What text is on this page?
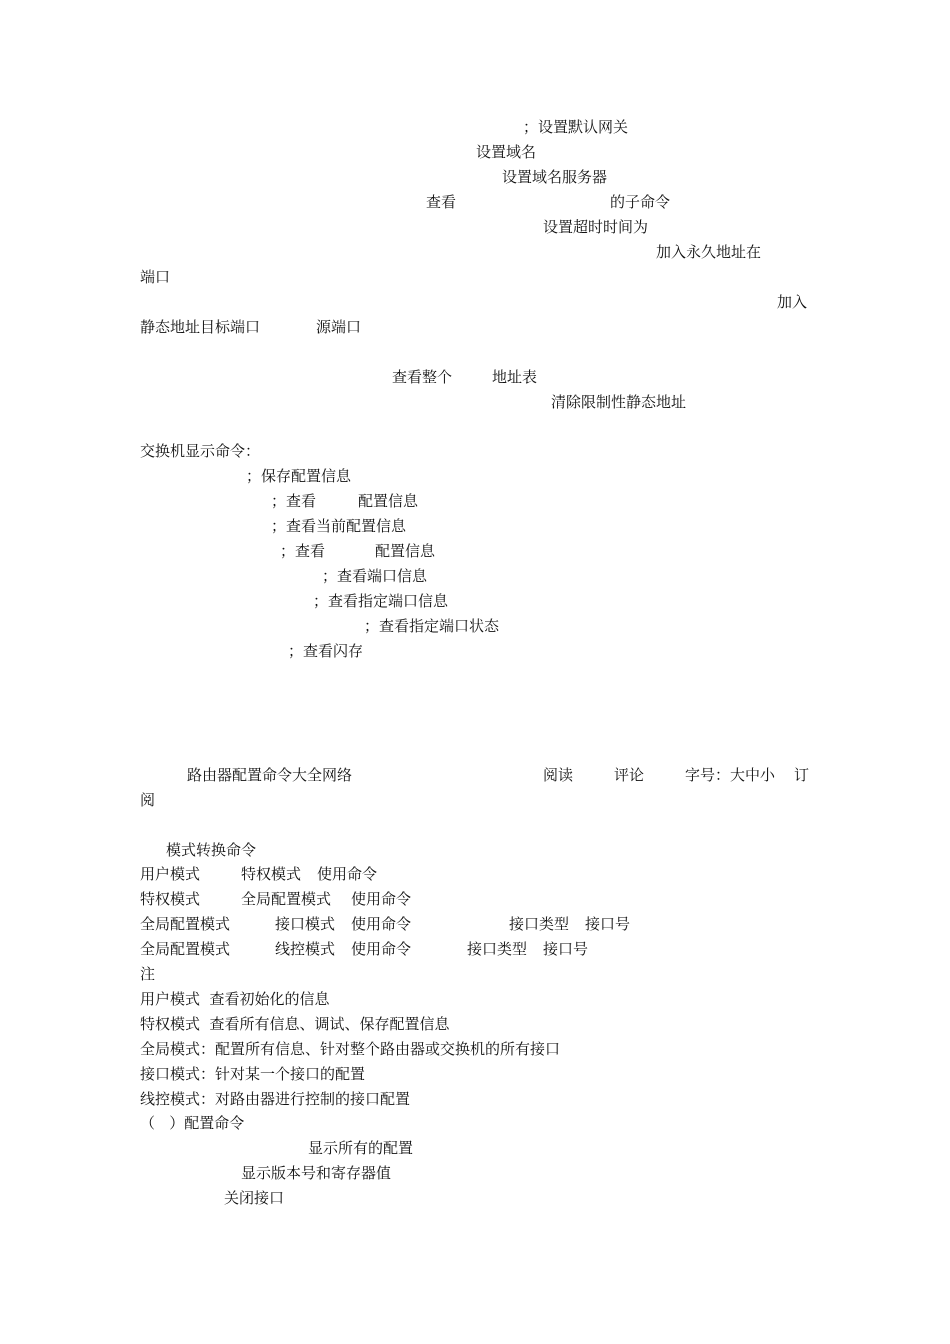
；设置默认网关
设置域名
设置域名服务器
查看	的子命令
设置超时时间为
加入永久地址在
端口
加入
静态地址目标端口	源端口
查看整个	地址表
清除限制性静态地址
交换机显示命令：
；保存配置信息
；查看	配置信息
；查看当前配置信息
；查看	配置信息
；查看端口信息
；查看指定端口信息
；查看指定端口状态
；查看闪存
路由器配置命令大全网络	阅读	评论	字号：大中小 订
阅
模式转换命令
用户模式	特权模式 使用命令
特权模式	全局配置模式 使用命令
全局配置模式	接口模式 使用命令	接口类型 接口号
全局配置模式	线控模式 使用命令	接口类型 接口号
注
用户模式  查看初始化的信息
特权模式  查看所有信息、调试、保存配置信息
全局模式：配置所有信息、针对整个路由器或交换机的所有接口
接口模式：针对某一个接口的配置
线控模式：对路由器进行控制的接口配置
（   ）配置命令
显示所有的配置
显示版本号和寄存器值
关闭接口
